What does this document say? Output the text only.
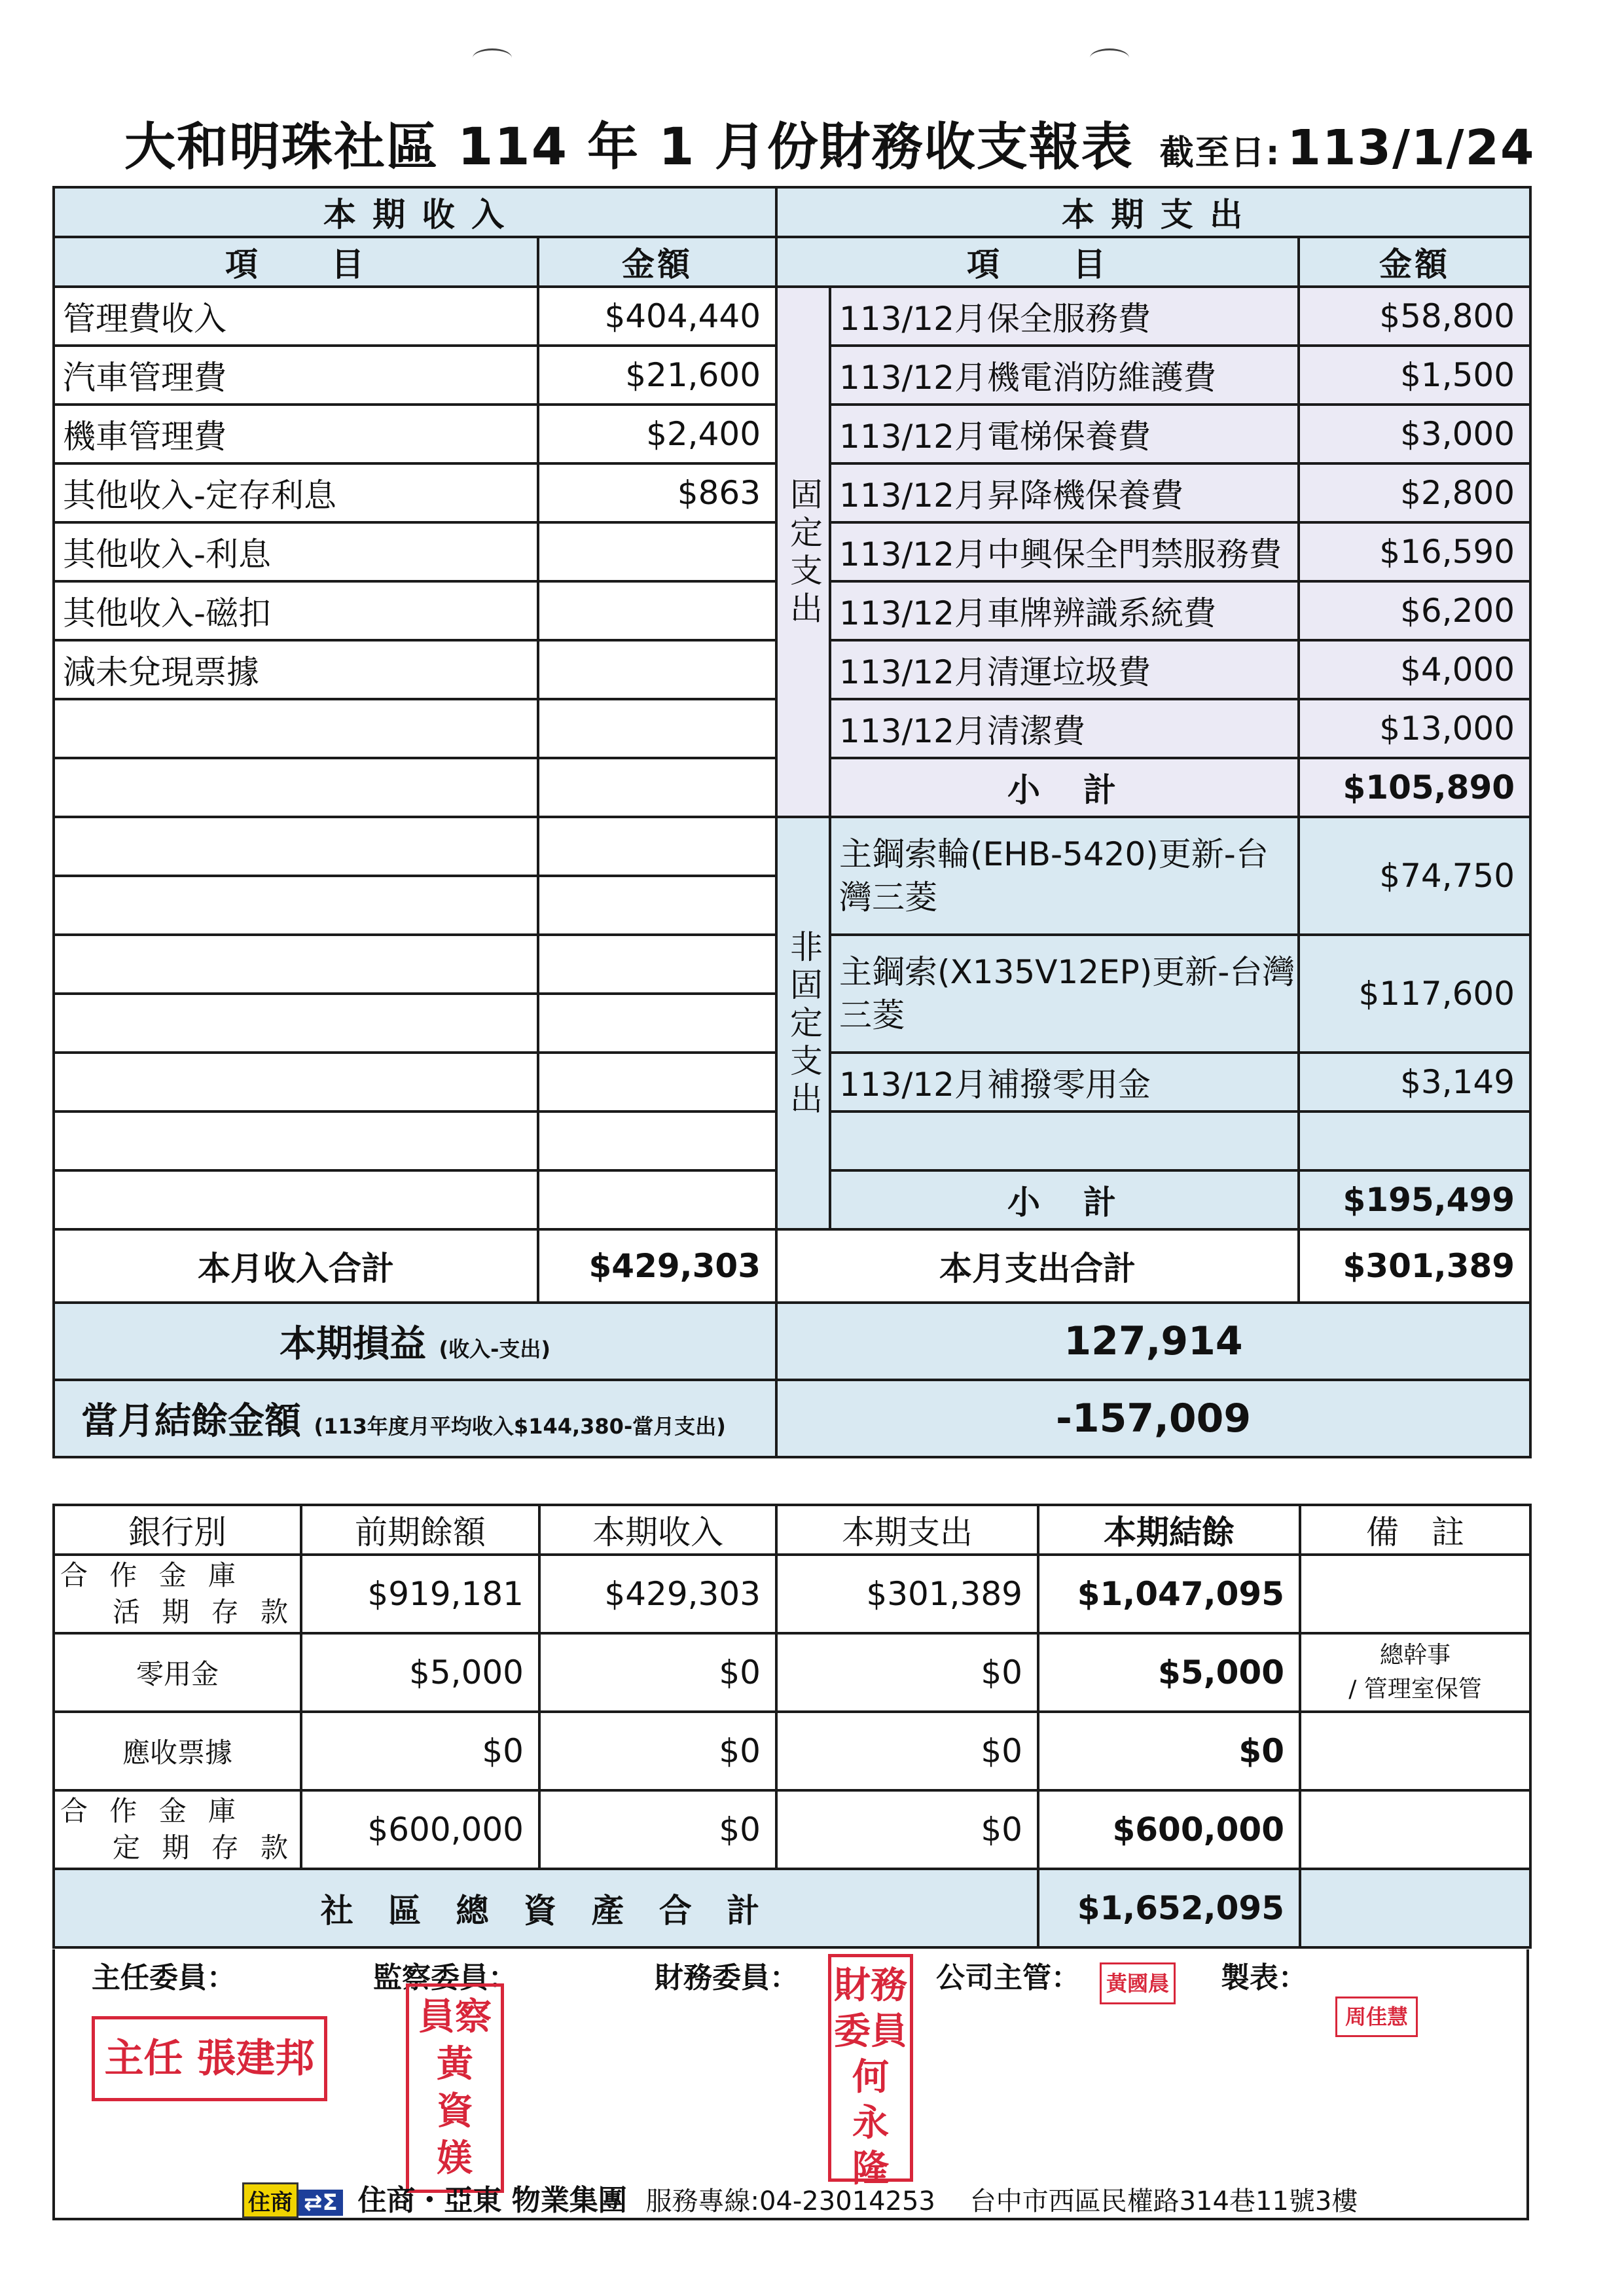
大和明珠社區 114 年 1 月份財務收支報表 截至日: 113/1/24
本 期 收 入		本 期 支 出		
項　　目	金額	項　　目		金額
管理費收入	$404,440	固定支出	113/12月保全服務費	$58,800
汽車管理費	$21,600		113/12月機電消防維護費	$1,500
機車管理費	$2,400		113/12月電梯保養費	$3,000
其他收入-定存利息	$863		113/12月昇降機保養費	$2,800
其他收入-利息			113/12月中興保全門禁服務費	$16,590
其他收入-磁扣			113/12月車牌辨識系統費	$6,200
減未兌現票據			113/12月清運垃圾費	$4,000
			113/12月清潔費	$13,000
			小　計	$105,890

		非固定支出	主鋼索輪(EHB-5420)更新-台灣三菱	$74,750

			主鋼索(X135V12EP)更新-台灣三菱	$117,600

			113/12月補撥零用金	$3,149

			小　計	$195,499
本月收入合計	$429,303	本月支出合計		$301,389
本期損益 (收入-支出)		127,914		
當月結餘金額 (113年度月平均收入$144,380-當月支出)		-157,009		
銀行別	前期餘額	本期收入	本期支出	本期結餘	備　註

合 作 金 庫
活 期 存 款	$919,181	$429,303	$301,389	$1,047,095	
零用金	$5,000	$0	$0	$5,000	總幹事
/ 管理室保管

應收票據	$0	$0	$0	$0	

合 作 金 庫
定 期 存 款	$600,000	$0	$0	$600,000	
社 區 總 資 產 合 計				$1,652,095	
主任委員：	監察委員：	財務委員：	公司主管：	製表：
主任 張建邦
員察
黃
資
媄
財務
委員
何
永
隆
黃國晨
周佳慧
住商 ⇄Σ 住商・亞東 物業集團 服務專線:04-23014253 台中市西區民權路314巷11號3樓
